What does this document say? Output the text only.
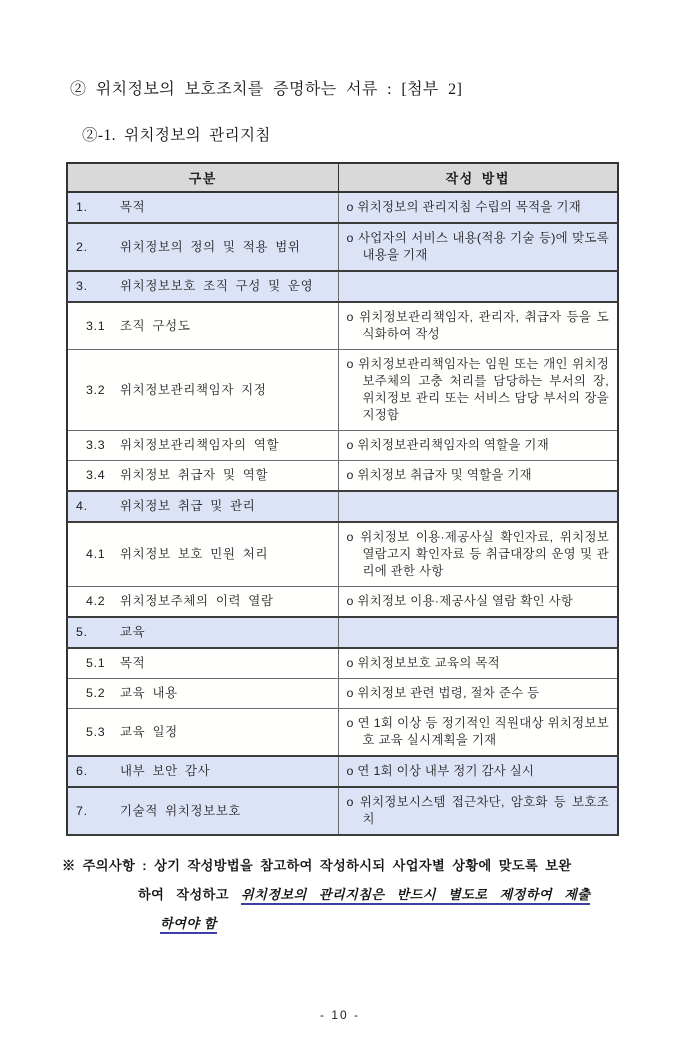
② 위치정보의 보호조치를 증명하는 서류 : [첨부 2]
②-1. 위치정보의 관리지침
구분	작성 방법
1. 목적	o 위치정보의 관리지침 수립의 목적을 기재
2. 위치정보의 정의 및 적용 범위	o 사업자의 서비스 내용(적용 기술 등)에 맞도록 내용을 기재
3. 위치정보보호 조직 구성 및 운영	
3.1 조직 구성도	o 위치정보관리책임자, 관리자, 취급자 등을 도식화하여 작성
3.2 위치정보관리책임자 지정	o 위치정보관리책임자는 임원 또는 개인 위치정보주체의 고충 처리를 담당하는 부서의 장, 위치정보 관리 또는 서비스 담당 부서의 장을 지정함
3.3 위치정보관리책임자의 역할	o 위치정보관리책임자의 역할을 기재
3.4 위치정보 취급자 및 역할	o 위치정보 취급자 및 역할을 기재
4. 위치정보 취급 및 관리	
4.1 위치정보 보호 민원 처리	o 위치정보 이용·제공사실 확인자료, 위치정보 열람고지 확인자료 등 취급대장의 운영 및 관리에 관한 사항
4.2 위치정보주체의 이력 열람	o 위치정보 이용·제공사실 열람 확인 사항
5. 교육	
5.1 목적	o 위치정보보호 교육의 목적
5.2 교육 내용	o 위치정보 관련 법령, 절차 준수 등
5.3 교육 일정	o 연 1회 이상 등 정기적인 직원대상 위치정보보호 교육 실시계획을 기재
6. 내부 보안 감사	o 연 1회 이상 내부 정기 감사 실시
7. 기술적 위치정보보호	o 위치정보시스템 접근차단, 암호화 등 보호조치
※ 주의사항 : 상기 작성방법을 참고하여 작성하시되 사업자별 상황에 맞도록 보완
하여 작성하고 위치정보의 관리지침은 반드시 별도로 제정하여 제출
하여야 함
- 10 -
